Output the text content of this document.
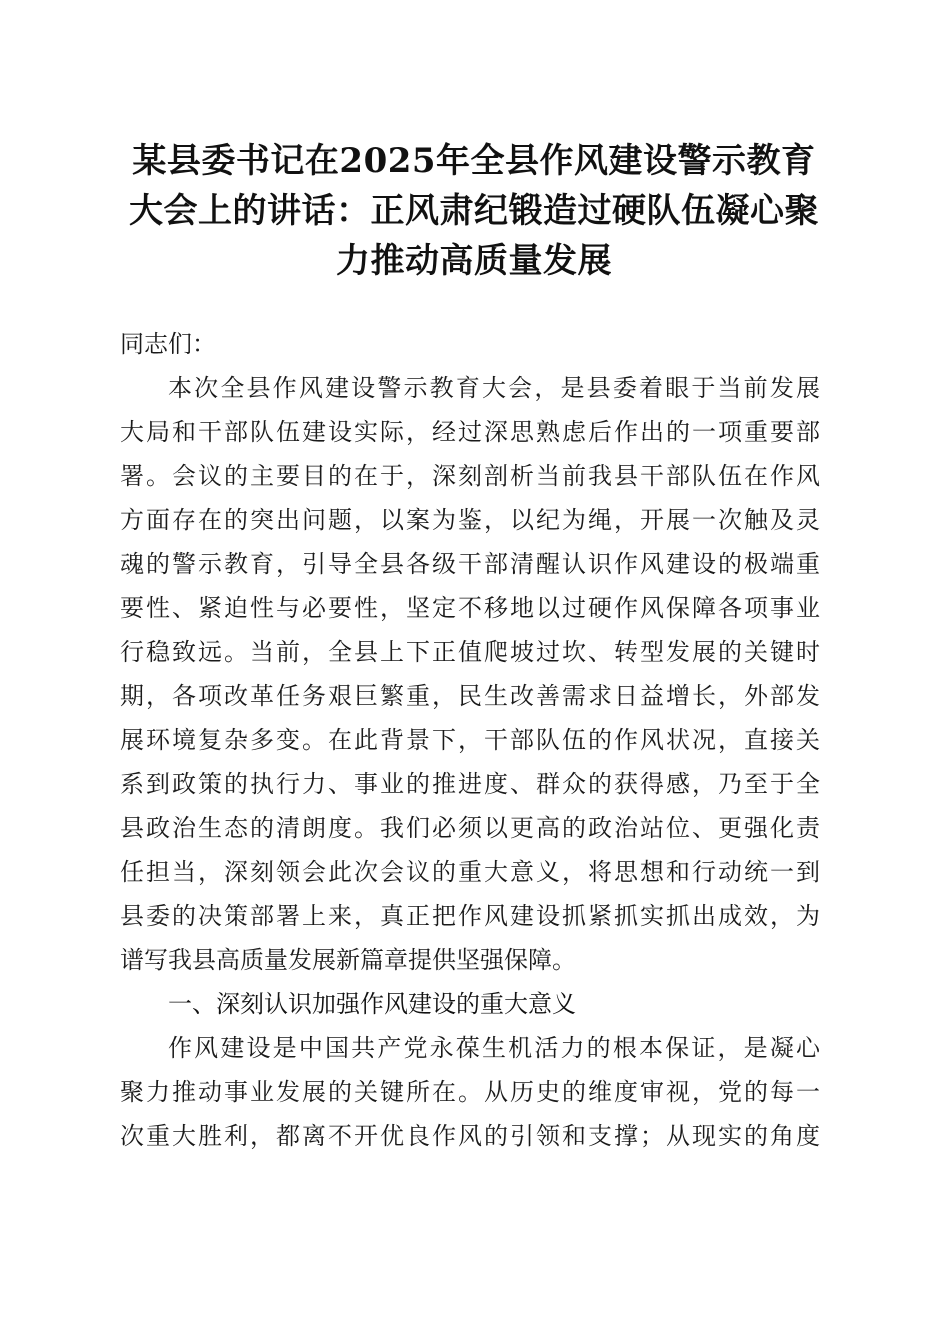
某县委书记在2025年全县作风建设警示教育
大会上的讲话：正风肃纪锻造过硬队伍凝心聚
力推动高质量发展
同志们：
本次全县作风建设警示教育大会，是县委着眼于当前发展
大局和干部队伍建设实际，经过深思熟虑后作出的一项重要部
署。会议的主要目的在于，深刻剖析当前我县干部队伍在作风
方面存在的突出问题，以案为鉴，以纪为绳，开展一次触及灵
魂的警示教育，引导全县各级干部清醒认识作风建设的极端重
要性、紧迫性与必要性，坚定不移地以过硬作风保障各项事业
行稳致远。当前，全县上下正值爬坡过坎、转型发展的关键时
期，各项改革任务艰巨繁重，民生改善需求日益增长，外部发
展环境复杂多变。在此背景下，干部队伍的作风状况，直接关
系到政策的执行力、事业的推进度、群众的获得感，乃至于全
县政治生态的清朗度。我们必须以更高的政治站位、更强化责
任担当，深刻领会此次会议的重大意义，将思想和行动统一到
县委的决策部署上来，真正把作风建设抓紧抓实抓出成效，为
谱写我县高质量发展新篇章提供坚强保障。
一、深刻认识加强作风建设的重大意义
作风建设是中国共产党永葆生机活力的根本保证，是凝心
聚力推动事业发展的关键所在。从历史的维度审视，党的每一
次重大胜利，都离不开优良作风的引领和支撑；从现实的角度
